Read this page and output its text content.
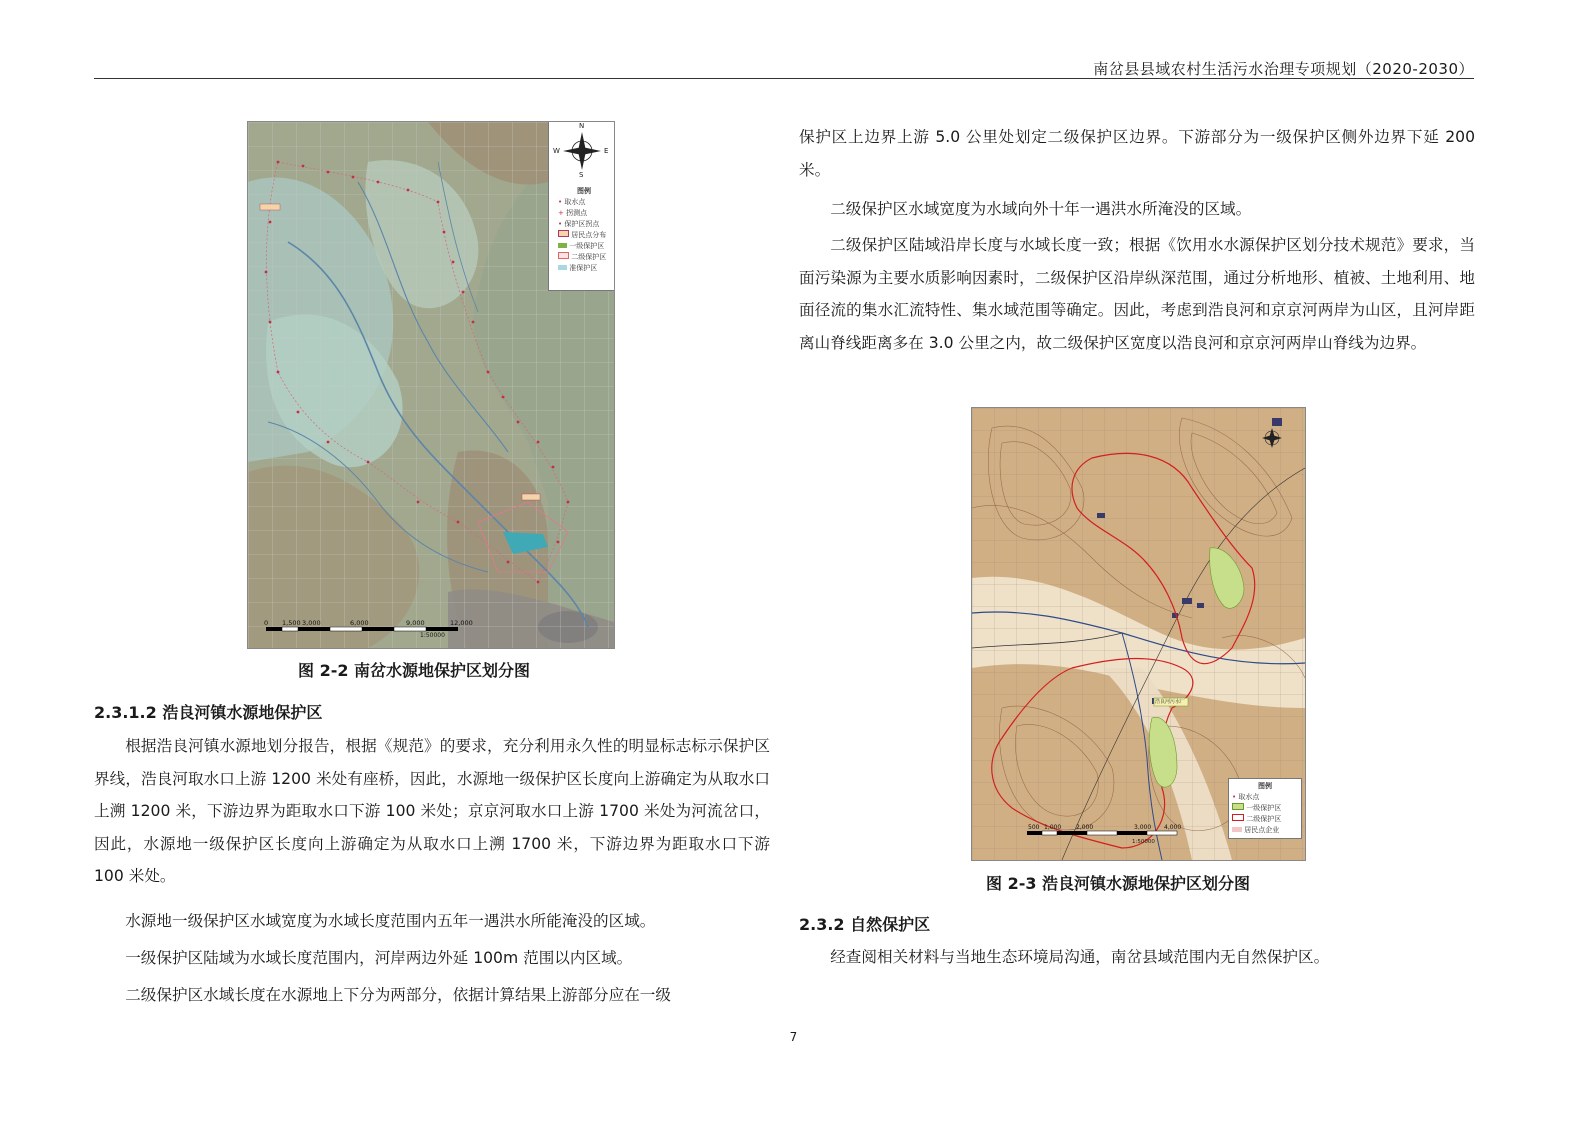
南岔县县域农村生活污水治理专项规划（2020-2030）
0 1,500 3,000	6,000	9,000	12,000
1:50000
N
E
S
W
图例
• 取水点
+ 拐测点
• 保护区拐点
居民点分布
一级保护区
二级保护区
准保护区
图 2-2 南岔水源地保护区划分图
2.3.1.2 浩良河镇水源地保护区
根据浩良河镇水源地划分报告，根据《规范》的要求，充分利用永久性的明显标志标示保护区界线，浩良河取水口上游 1200 米处有座桥，因此，水源地一级保护区长度向上游确定为从取水口上溯 1200 米，下游边界为距取水口下游 100 米处；京京河取水口上游 1700 米处为河流岔口，因此，水源地一级保护区长度向上游确定为从取水口上溯 1700 米，下游边界为距取水口下游 100 米处。
水源地一级保护区水域宽度为水域长度范围内五年一遇洪水所能淹没的区域。
一级保护区陆域为水域长度范围内，河岸两边外延 100m 范围以内区域。
二级保护区水域长度在水源地上下分为两部分，依据计算结果上游部分应在一级
保护区上边界上游 5.0 公里处划定二级保护区边界。下游部分为一级保护区侧外边界下延 200 米。
二级保护区水域宽度为水域向外十年一遇洪水所淹没的区域。
二级保护区陆域沿岸长度与水域长度一致；根据《饮用水水源保护区划分技术规范》要求，当面污染源为主要水质影响因素时，二级保护区沿岸纵深范围，通过分析地形、植被、土地利用、地面径流的集水汇流特性、集水域范围等确定。因此，考虑到浩良河和京京河两岸为山区，且河岸距离山脊线距离多在 3.0 公里之内，故二级保护区宽度以浩良河和京京河两岸山脊线为边界。
浩良河污水厂
500 1,000 2,000	3,000 4,000
1:50000
图例
• 取水点
一级保护区
二级保护区
居民点企业
图 2-3 浩良河镇水源地保护区划分图
2.3.2 自然保护区
经查阅相关材料与当地生态环境局沟通，南岔县域范围内无自然保护区。
7
